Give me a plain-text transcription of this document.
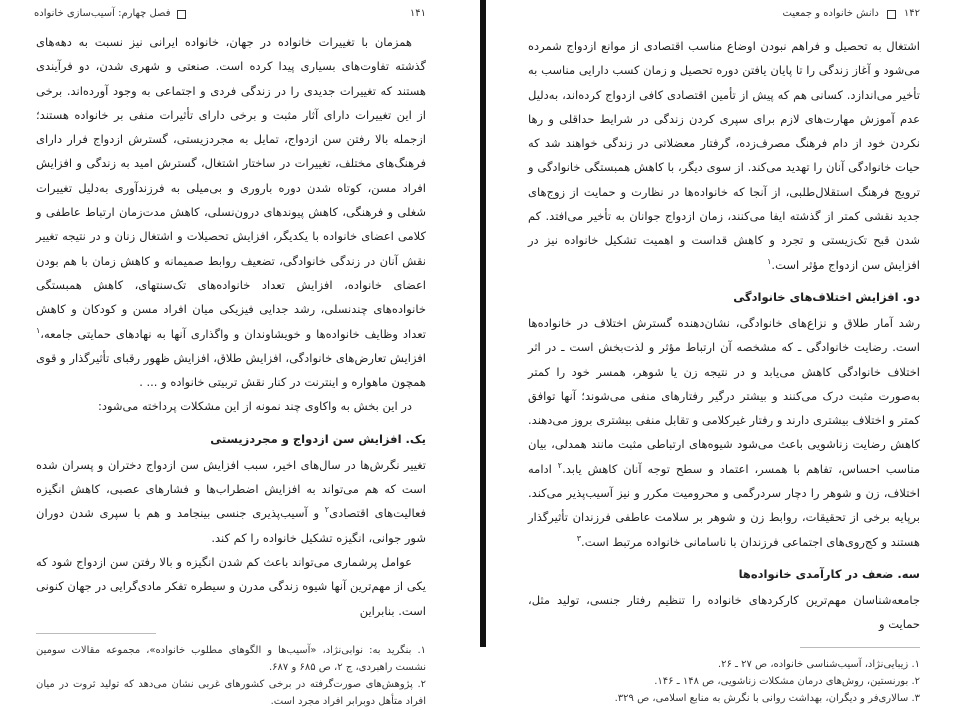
۱۴۱
فصل چهارم: آسیب‌سازی خانواده

همزمان با تغییرات خانواده در جهان، خانواده ایرانی نیز نسبت به دهه‌های گذشته تفاوت‌های بسیاری پیدا کرده است. صنعتی و شهری شدن، دو فرآیندی هستند که تغییرات جدیدی را در زندگی فردی و اجتماعی به وجود آورده‌اند. برخی از این تغییرات دارای آثار مثبت و برخی دارای تأثیرات منفی بر خانواده هستند؛ ازجمله بالا رفتن سن ازدواج، تمایل به مجردزیستی، گسترش ازدواج فرار دارای فرهنگ‌های مختلف، تغییرات در ساختار اشتغال، گسترش امید به زندگی و افزایش افراد مسن، کوتاه شدن دوره باروری و بی‌میلی به فرزندآوری به‌دلیل تغییرات شغلی و فرهنگی، کاهش پیوندهای درون‌نسلی، کاهش مدت‌زمان ارتباط عاطفی و کلامی اعضای خانواده با یکدیگر، افزایش تحصیلات و اشتغال زنان و در نتیجه تغییر نقش آنان در زندگی خانوادگی، تضعیف روابط صمیمانه و کاهش زمان با هم بودن اعضای خانواده، افزایش تعداد خانواده‌های تک‌سنتهای، کاهش همبستگی خانواده‌های چندنسلی، رشد جدایی فیزیکی میان افراد مسن و کودکان و کاهش تعداد وظایف خانواده‌ها و خویشاوندان و واگذاری آنها به نهادهای حمایتی جامعه،$^۱$ افزایش تعارض‌های خانوادگی، افزایش طلاق، افزایش ظهور رقبای تأثیرگذار و قوی همچون ماهواره و اینترنت در کنار نقش تربیتی خانواده و ... .

در این بخش به واکاوی چند نمونه از این مشکلات پرداخته می‌شود:

یک. افزایش سن ازدواج و مجردزیستی

تغییر نگرش‌ها در سال‌های اخیر، سبب افزایش سن ازدواج دختران و پسران شده است که هم می‌تواند به افزایش اضطراب‌ها و فشارهای عصبی، کاهش انگیزه فعالیت‌های اقتصادی$^۲$ و آسیب‌پذیری جنسی بینجامد و هم با سپری شدن دوران شور جوانی، انگیزه تشکیل خانواده را کم کند.

عوامل پرشماری می‌تواند باعث کم شدن انگیزه و بالا رفتن سن ازدواج شود که یکی از مهم‌ترین آنها شیوه زندگی مدرن و سیطره تفکر مادی‌گرایی در جهان کنونی است. بنابراین

۱. بنگرید به: نوابی‌نژاد، «آسیب‌ها و الگوهای مطلوب خانواده»، مجموعه مقالات سومین نشست راهبردی، ج ۲، ص ۶۸۵ و ۶۸۷.

۲. پژوهش‌های صورت‌گرفته در برخی کشورهای غربی نشان می‌دهد که تولید ثروت در میان افراد متأهل دوبرابر افراد مجرد است.

۱۴۲
دانش خانواده و جمعیت

اشتغال به تحصیل و فراهم نبودن اوضاع مناسب اقتصادی از موانع ازدواج شمرده می‌شود و آغاز زندگی را تا پایان یافتن دوره تحصیل و زمان کسب دارایی مناسب به تأخیر می‌اندازد. کسانی هم که پیش از تأمین اقتصادی کافی ازدواج کرده‌اند، به‌دلیل عدم آموزش مهارت‌های لازم برای سپری کردن زندگی در شرایط حداقلی و رها نکردن خود از دام فرهنگ مصرف‌زده، گرفتار معضلاتی در زندگی خواهند شد که حیات خانوادگی آنان را تهدید می‌کند. از سوی دیگر، با کاهش همبستگی خانوادگی و ترویج فرهنگ استقلال‌طلبی، از آنجا که خانواده‌ها در نظارت و حمایت از زوج‌های جدید نقشی کمتر از گذشته ایفا می‌کنند، زمان ازدواج جوانان به تأخیر می‌افتد. کم شدن قبح تک‌زیستی و تجرد و کاهش قداست و اهمیت تشکیل خانواده نیز در افزایش سن ازدواج مؤثر است.$^۱$

دو. افزایش اختلاف‌های خانوادگی

رشد آمار طلاق و نزاع‌های خانوادگی، نشان‌دهنده گسترش اختلاف در خانواده‌ها است. رضایت خانوادگی ـ که مشخصه آن ارتباط مؤثر و لذت‌بخش است ـ در اثر اختلاف خانوادگی کاهش می‌یابد و در نتیجه زن یا شوهر، همسر خود را کمتر به‌صورت مثبت درک می‌کنند و بیشتر درگیر رفتارهای منفی می‌شوند؛ آنها توافق کمتر و اختلاف بیشتری دارند و رفتار غیرکلامی و تقابل منفی بیشتری بروز می‌دهند. کاهش رضایت زناشویی باعث می‌شود شیوه‌های ارتباطی مثبت مانند همدلی، بیان مناسب احساس، تفاهم با همسر، اعتماد و سطح توجه آنان کاهش یابد.$^۲$ ادامه اختلاف، زن و شوهر را دچار سردرگمی و محرومیت مکرر و نیز آسیب‌پذیر می‌کند. برپایه برخی از تحقیقات، روابط زن و شوهر بر سلامت عاطفی فرزندان تأثیرگذار هستند و کج‌روی‌های اجتماعی فرزندان با ناسامانی خانواده مرتبط است.$^۳$

سه. ضعف در کارآمدی خانواده‌ها

جامعه‌شناسان مهم‌ترین کارکردهای خانواده را تنظیم رفتار جنسی، تولید مثل، حمایت و

۱. زیبایی‌نژاد، آسیب‌شناسی خانواده، ص ۲۷ ـ ۲۶.

۲. بورنستین، روش‌های درمان مشکلات زناشویی، ص ۱۴۸ ـ ۱۴۶.

۳. سالاری‌فر و دیگران، بهداشت روانی با نگرش به منابع اسلامی، ص ۳۲۹.
